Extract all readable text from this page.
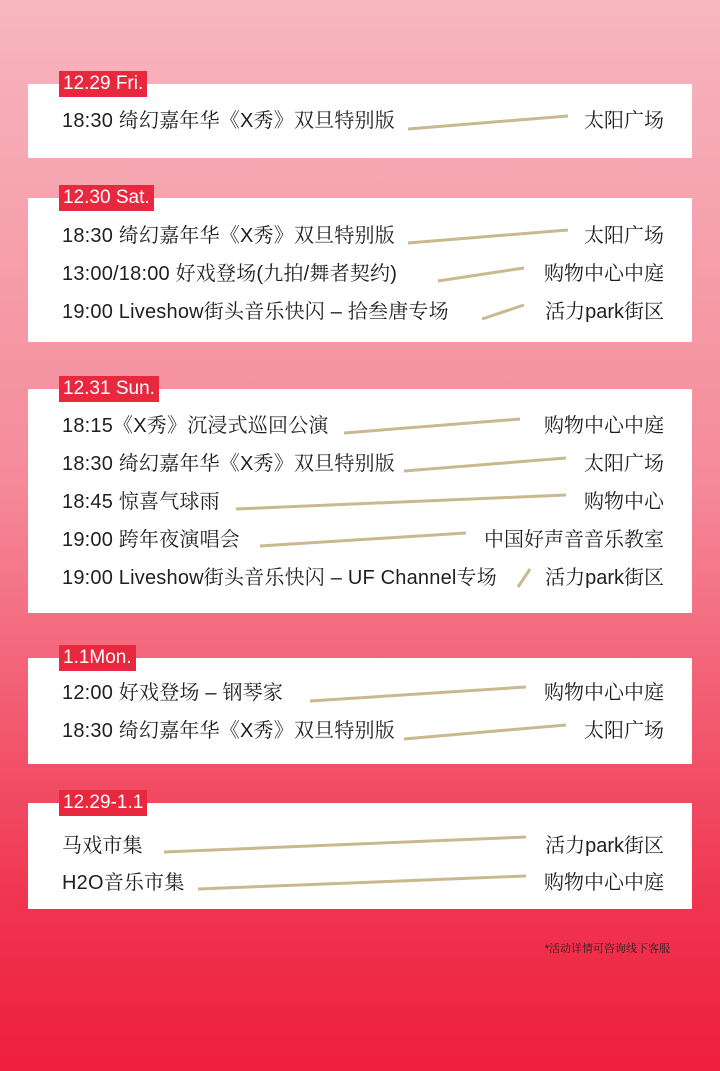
12.29 Fri.
18:30 绮幻嘉年华《X秀》双旦特别版	太阳广场
12.30 Sat.
18:30 绮幻嘉年华《X秀》双旦特别版	太阳广场
13:00/18:00 好戏登场(九拍/舞者契约)	购物中心中庭
19:00 Liveshow街头音乐快闪 – 拾叁唐专场	活力park街区
12.31 Sun.
18:15《X秀》沉浸式巡回公演	购物中心中庭
18:30 绮幻嘉年华《X秀》双旦特别版	太阳广场
18:45 惊喜气球雨	购物中心
19:00 跨年夜演唱会	中国好声音音乐教室
19:00 Liveshow街头音乐快闪 – UF Channel专场 活力park街区
1.1Mon.
12:00 好戏登场 – 钢琴家	购物中心中庭
18:30 绮幻嘉年华《X秀》双旦特别版	太阳广场
12.29-1.1
马戏市集	活力park街区
H2O音乐市集	购物中心中庭
*活动详情可咨询线下客服
